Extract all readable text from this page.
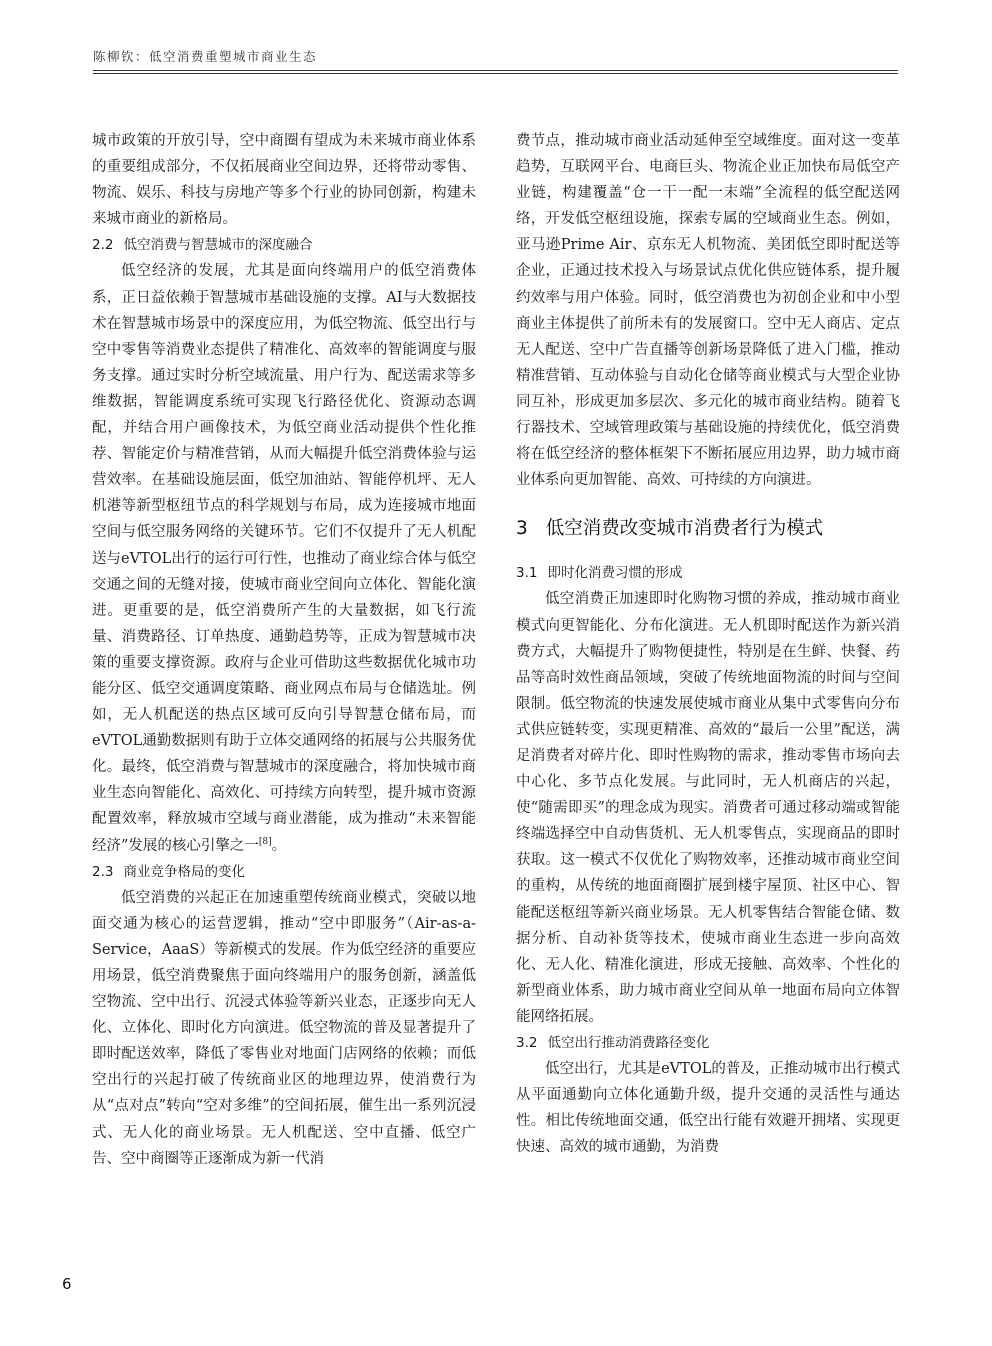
陈柳钦：低空消费重塑城市商业生态

城市政策的开放引导，空中商圈有望成为未来城市商业体系的重要组成部分，不仅拓展商业空间边界，还将带动零售、物流、娱乐、科技与房地产等多个行业的协同创新，构建未来城市商业的新格局。

2.2 低空消费与智慧城市的深度融合

低空经济的发展，尤其是面向终端用户的低空消费体系，正日益依赖于智慧城市基础设施的支撑。AI与大数据技术在智慧城市场景中的深度应用，为低空物流、低空出行与空中零售等消费业态提供了精准化、高效率的智能调度与服务支撑。通过实时分析空域流量、用户行为、配送需求等多维数据，智能调度系统可实现飞行路径优化、资源动态调配，并结合用户画像技术，为低空商业活动提供个性化推荐、智能定价与精准营销，从而大幅提升低空消费体验与运营效率。在基础设施层面，低空加油站、智能停机坪、无人机港等新型枢纽节点的科学规划与布局，成为连接城市地面空间与低空服务网络的关键环节。它们不仅提升了无人机配送与eVTOL出行的运行可行性，也推动了商业综合体与低空交通之间的无缝对接，使城市商业空间向立体化、智能化演进。更重要的是，低空消费所产生的大量数据，如飞行流量、消费路径、订单热度、通勤趋势等，正成为智慧城市决策的重要支撑资源。政府与企业可借助这些数据优化城市功能分区、低空交通调度策略、商业网点布局与仓储选址。例如，无人机配送的热点区域可反向引导智慧仓储布局，而eVTOL通勤数据则有助于立体交通网络的拓展与公共服务优化。最终，低空消费与智慧城市的深度融合，将加快城市商业生态向智能化、高效化、可持续方向转型，提升城市资源配置效率，释放城市空域与商业潜能，成为推动“未来智能经济”发展的核心引擎之一[8]。

2.3 商业竞争格局的变化

低空消费的兴起正在加速重塑传统商业模式，突破以地面交通为核心的运营逻辑，推动“空中即服务”（Air-as-a-Service，AaaS）等新模式的发展。作为低空经济的重要应用场景，低空消费聚焦于面向终端用户的服务创新，涵盖低空物流、空中出行、沉浸式体验等新兴业态，正逐步向无人化、立体化、即时化方向演进。低空物流的普及显著提升了即时配送效率，降低了零售业对地面门店网络的依赖；而低空出行的兴起打破了传统商业区的地理边界，使消费行为从“点对点”转向“空对多维”的空间拓展，催生出一系列沉浸式、无人化的商业场景。无人机配送、空中直播、低空广告、空中商圈等正逐渐成为新一代消

费节点，推动城市商业活动延伸至空域维度。面对这一变革趋势，互联网平台、电商巨头、物流企业正加快布局低空产业链，构建覆盖“仓一干一配一末端”全流程的低空配送网络，开发低空枢纽设施，探索专属的空域商业生态。例如，亚马逊Prime Air、京东无人机物流、美团低空即时配送等企业，正通过技术投入与场景试点优化供应链体系，提升履约效率与用户体验。同时，低空消费也为初创企业和中小型商业主体提供了前所未有的发展窗口。空中无人商店、定点无人配送、空中广告直播等创新场景降低了进入门槛，推动精准营销、互动体验与自动化仓储等商业模式与大型企业协同互补，形成更加多层次、多元化的城市商业结构。随着飞行器技术、空域管理政策与基础设施的持续优化，低空消费将在低空经济的整体框架下不断拓展应用边界，助力城市商业体系向更加智能、高效、可持续的方向演进。

3 低空消费改变城市消费者行为模式
3.1 即时化消费习惯的形成

低空消费正加速即时化购物习惯的养成，推动城市商业模式向更智能化、分布化演进。无人机即时配送作为新兴消费方式，大幅提升了购物便捷性，特别是在生鲜、快餐、药品等高时效性商品领域，突破了传统地面物流的时间与空间限制。低空物流的快速发展使城市商业从集中式零售向分布式供应链转变，实现更精准、高效的“最后一公里”配送，满足消费者对碎片化、即时性购物的需求，推动零售市场向去中心化、多节点化发展。与此同时，无人机商店的兴起，使“随需即买”的理念成为现实。消费者可通过移动端或智能终端选择空中自动售货机、无人机零售点，实现商品的即时获取。这一模式不仅优化了购物效率，还推动城市商业空间的重构，从传统的地面商圈扩展到楼宇屋顶、社区中心、智能配送枢纽等新兴商业场景。无人机零售结合智能仓储、数据分析、自动补货等技术，使城市商业生态进一步向高效化、无人化、精准化演进，形成无接触、高效率、个性化的新型商业体系，助力城市商业空间从单一地面布局向立体智能网络拓展。

3.2 低空出行推动消费路径变化

低空出行，尤其是eVTOL的普及，正推动城市出行模式从平面通勤向立体化通勤升级，提升交通的灵活性与通达性。相比传统地面交通，低空出行能有效避开拥堵、实现更快速、高效的城市通勤，为消费

6
